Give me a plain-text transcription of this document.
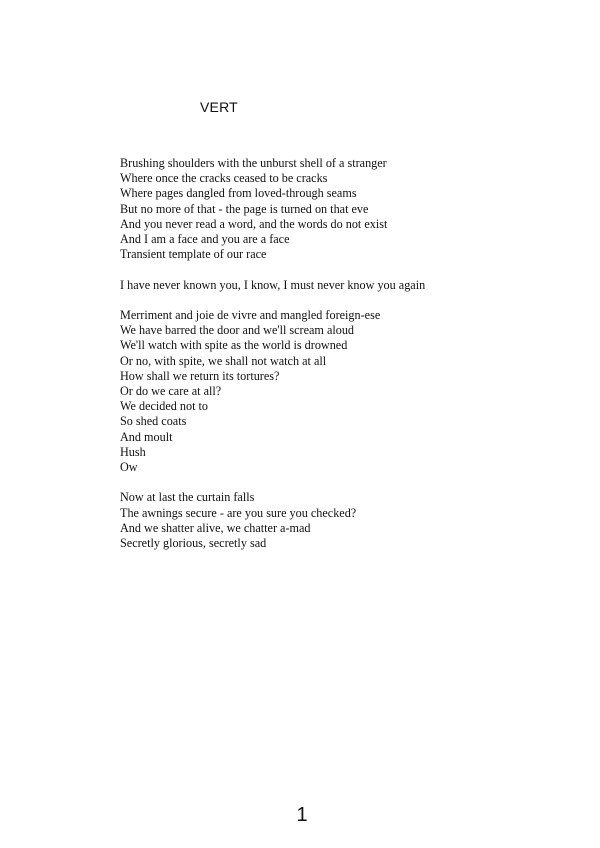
VERT
Brushing shoulders with the unburst shell of a stranger
Where once the cracks ceased to be cracks
Where pages dangled from loved-through seams
But no more of that - the page is turned on that eve
And you never read a word, and the words do not exist
And I am a face and you are a face
Transient template of our race
I have never known you, I know, I must never know you again
Merriment and joie de vivre and mangled foreign-ese
We have barred the door and we'll scream aloud
We'll watch with spite as the world is drowned
Or no, with spite, we shall not watch at all
How shall we return its tortures?
Or do we care at all?
We decided not to
So shed coats
And moult
Hush
Ow
Now at last the curtain falls
The awnings secure - are you sure you checked?
And we shatter alive, we chatter a-mad
Secretly glorious, secretly sad
1
